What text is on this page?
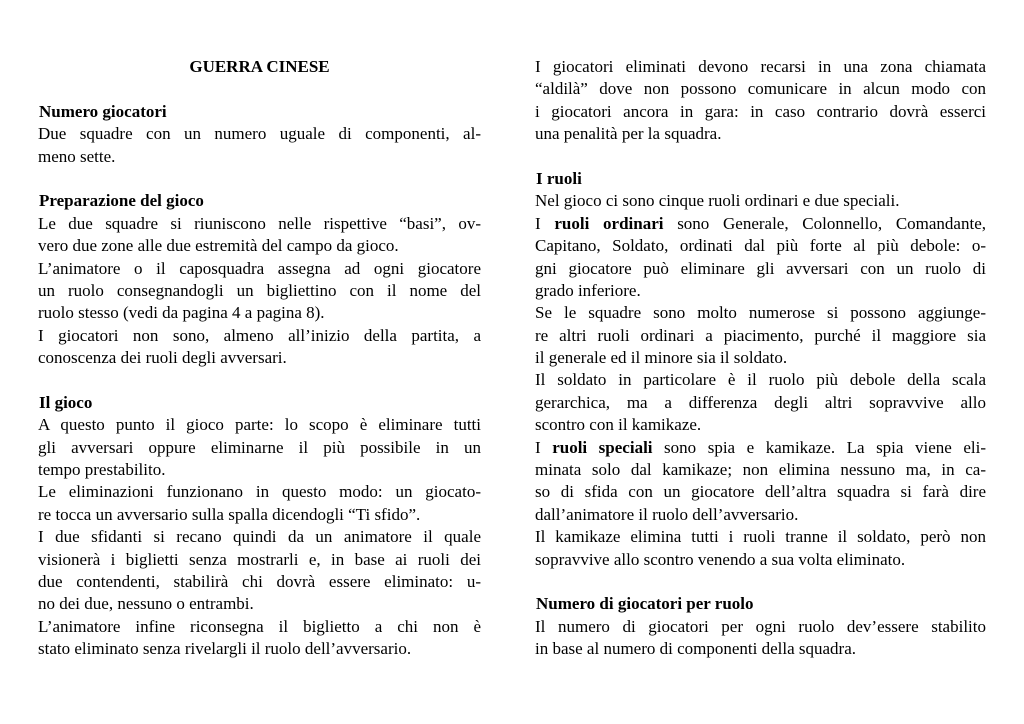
GUERRA CINESE
Numero giocatori
Due squadre con un numero uguale di componenti, al-
meno sette.
Preparazione del gioco
Le due squadre si riuniscono nelle rispettive “basi”, ov-
vero due zone alle due estremità del campo da gioco.
L’animatore o il caposquadra assegna ad ogni giocatore
un ruolo consegnandogli un bigliettino con il nome del
ruolo stesso (vedi da pagina 4 a pagina 8).
I giocatori non sono, almeno all’inizio della partita, a
conoscenza dei ruoli degli avversari.
Il gioco
A questo punto il gioco parte: lo scopo è eliminare tutti
gli avversari oppure eliminarne il più possibile in un
tempo prestabilito.
Le eliminazioni funzionano in questo modo: un giocato-
re tocca un avversario sulla spalla dicendogli “Ti sfido”.
I due sfidanti si recano quindi da un animatore il quale
visionerà i biglietti senza mostrarli e, in base ai ruoli dei
due contendenti, stabilirà chi dovrà essere eliminato: u-
no dei due, nessuno o entrambi.
L’animatore infine riconsegna il biglietto a chi non è
stato eliminato senza rivelargli il ruolo dell’avversario.
I giocatori eliminati devono recarsi in una zona chiamata
“aldilà” dove non possono comunicare in alcun modo con
i giocatori ancora in gara: in caso contrario dovrà esserci
una penalità per la squadra.
I ruoli
Nel gioco ci sono cinque ruoli ordinari e due speciali.
I ruoli ordinari sono Generale, Colonnello, Comandante,
Capitano, Soldato, ordinati dal più forte al più debole: o-
gni giocatore può eliminare gli avversari con un ruolo di
grado inferiore.
Se le squadre sono molto numerose si possono aggiunge-
re altri ruoli ordinari a piacimento, purché il maggiore sia
il generale ed il minore sia il soldato.
Il soldato in particolare è il ruolo più debole della scala
gerarchica, ma a differenza degli altri sopravvive allo
scontro con il kamikaze.
I ruoli speciali sono spia e kamikaze. La spia viene eli-
minata solo dal kamikaze; non elimina nessuno ma, in ca-
so di sfida con un giocatore dell’altra squadra si farà dire
dall’animatore il ruolo dell’avversario.
Il kamikaze elimina tutti i ruoli tranne il soldato, però non
sopravvive allo scontro venendo a sua volta eliminato.
Numero di giocatori per ruolo
Il numero di giocatori per ogni ruolo dev’essere stabilito
in base al numero di componenti della squadra.
